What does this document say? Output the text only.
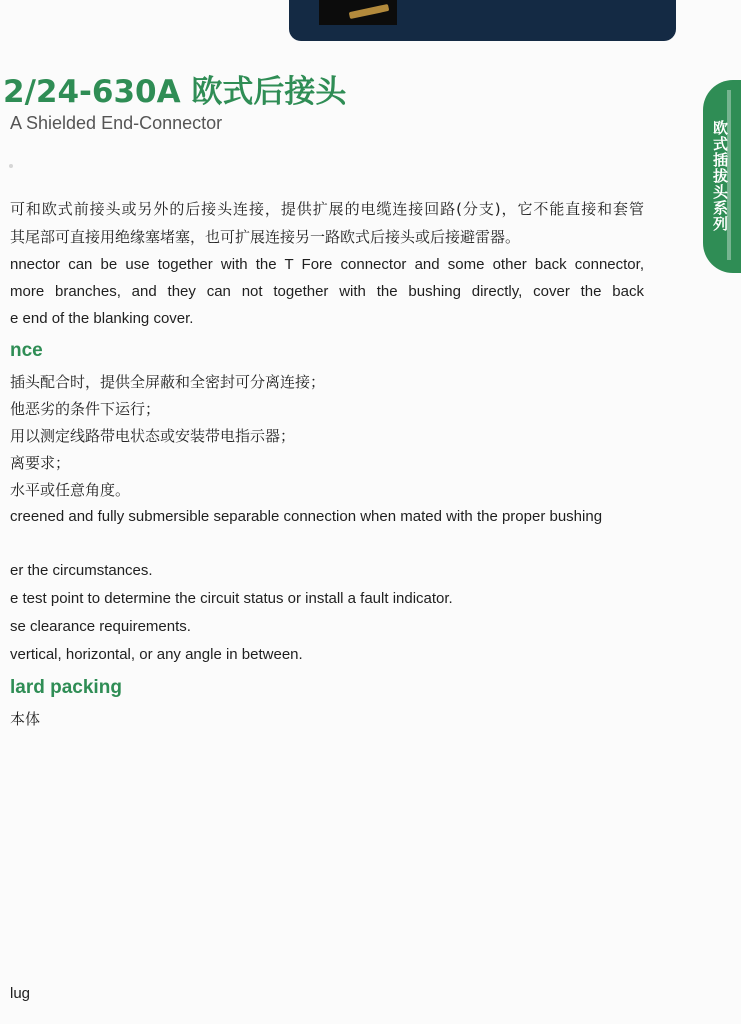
2/24-630A 欧式后接头
A Shielded End-Connector	欧式插拔头系列
可和欧式前接头或另外的后接头连接，提供扩展的电缆连接回路(分支)，它不能直接和套管
其尾部可直接用绝缘塞堵塞，也可扩展连接另一路欧式后接头或后接避雷器。
nnector can be use together with the T Fore connector and some other back connector,
more branches, and they can not together with the bushing directly, cover the back
e end of the blanking cover.
nce
插头配合时，提供全屏蔽和全密封可分离连接；
他恶劣的条件下运行；
用以测定线路带电状态或安装带电指示器；
离要求；
水平或任意角度。
creened and fully submersible separable connection when mated with the proper bushing
er the circumstances.
e test point to determine the circuit status or install a fault indicator.
se clearance requirements.
vertical, horizontal, or any angle in between.
lard packing
本体
lug
